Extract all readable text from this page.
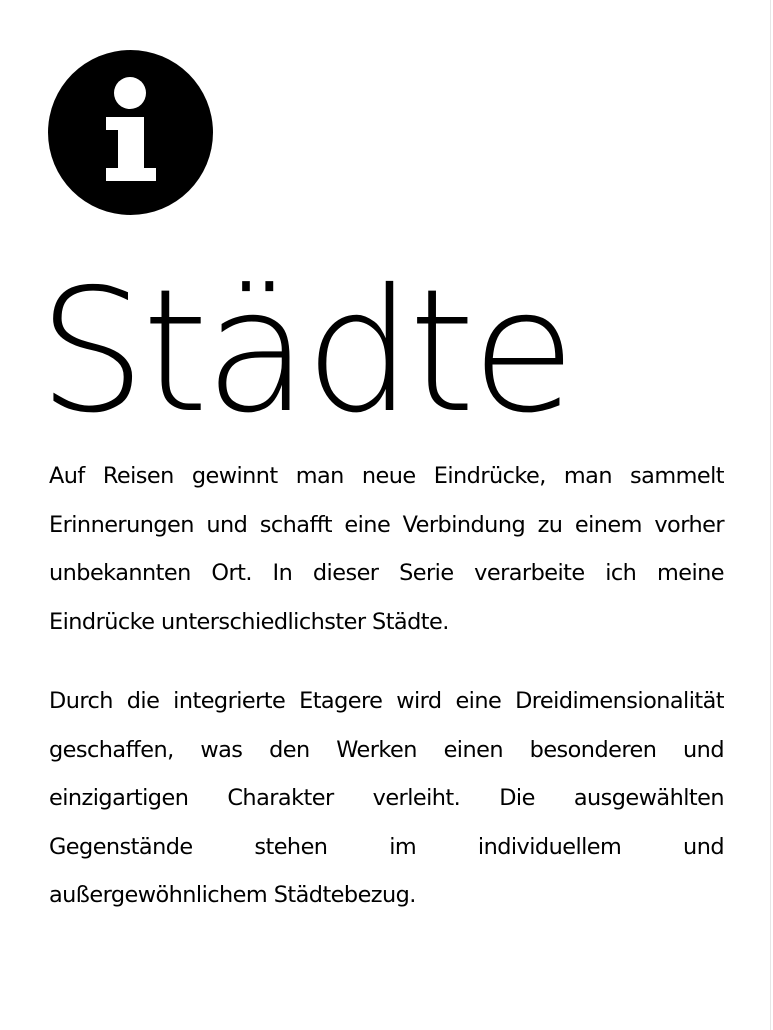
Städte

Auf Reisen gewinnt man neue Eindrücke, man sammelt Erinnerungen und schafft eine Verbindung zu einem vorher unbekannten Ort. In dieser Serie verarbeite ich meine Eindrücke unterschiedlichster Städte.

Durch die integrierte Etagere wird eine Dreidimensionalität geschaffen, was den Werken einen besonderen und einzigartigen Charakter verleiht. Die ausgewählten Gegenstände stehen im individuellem und außergewöhnlichem Städtebezug.
